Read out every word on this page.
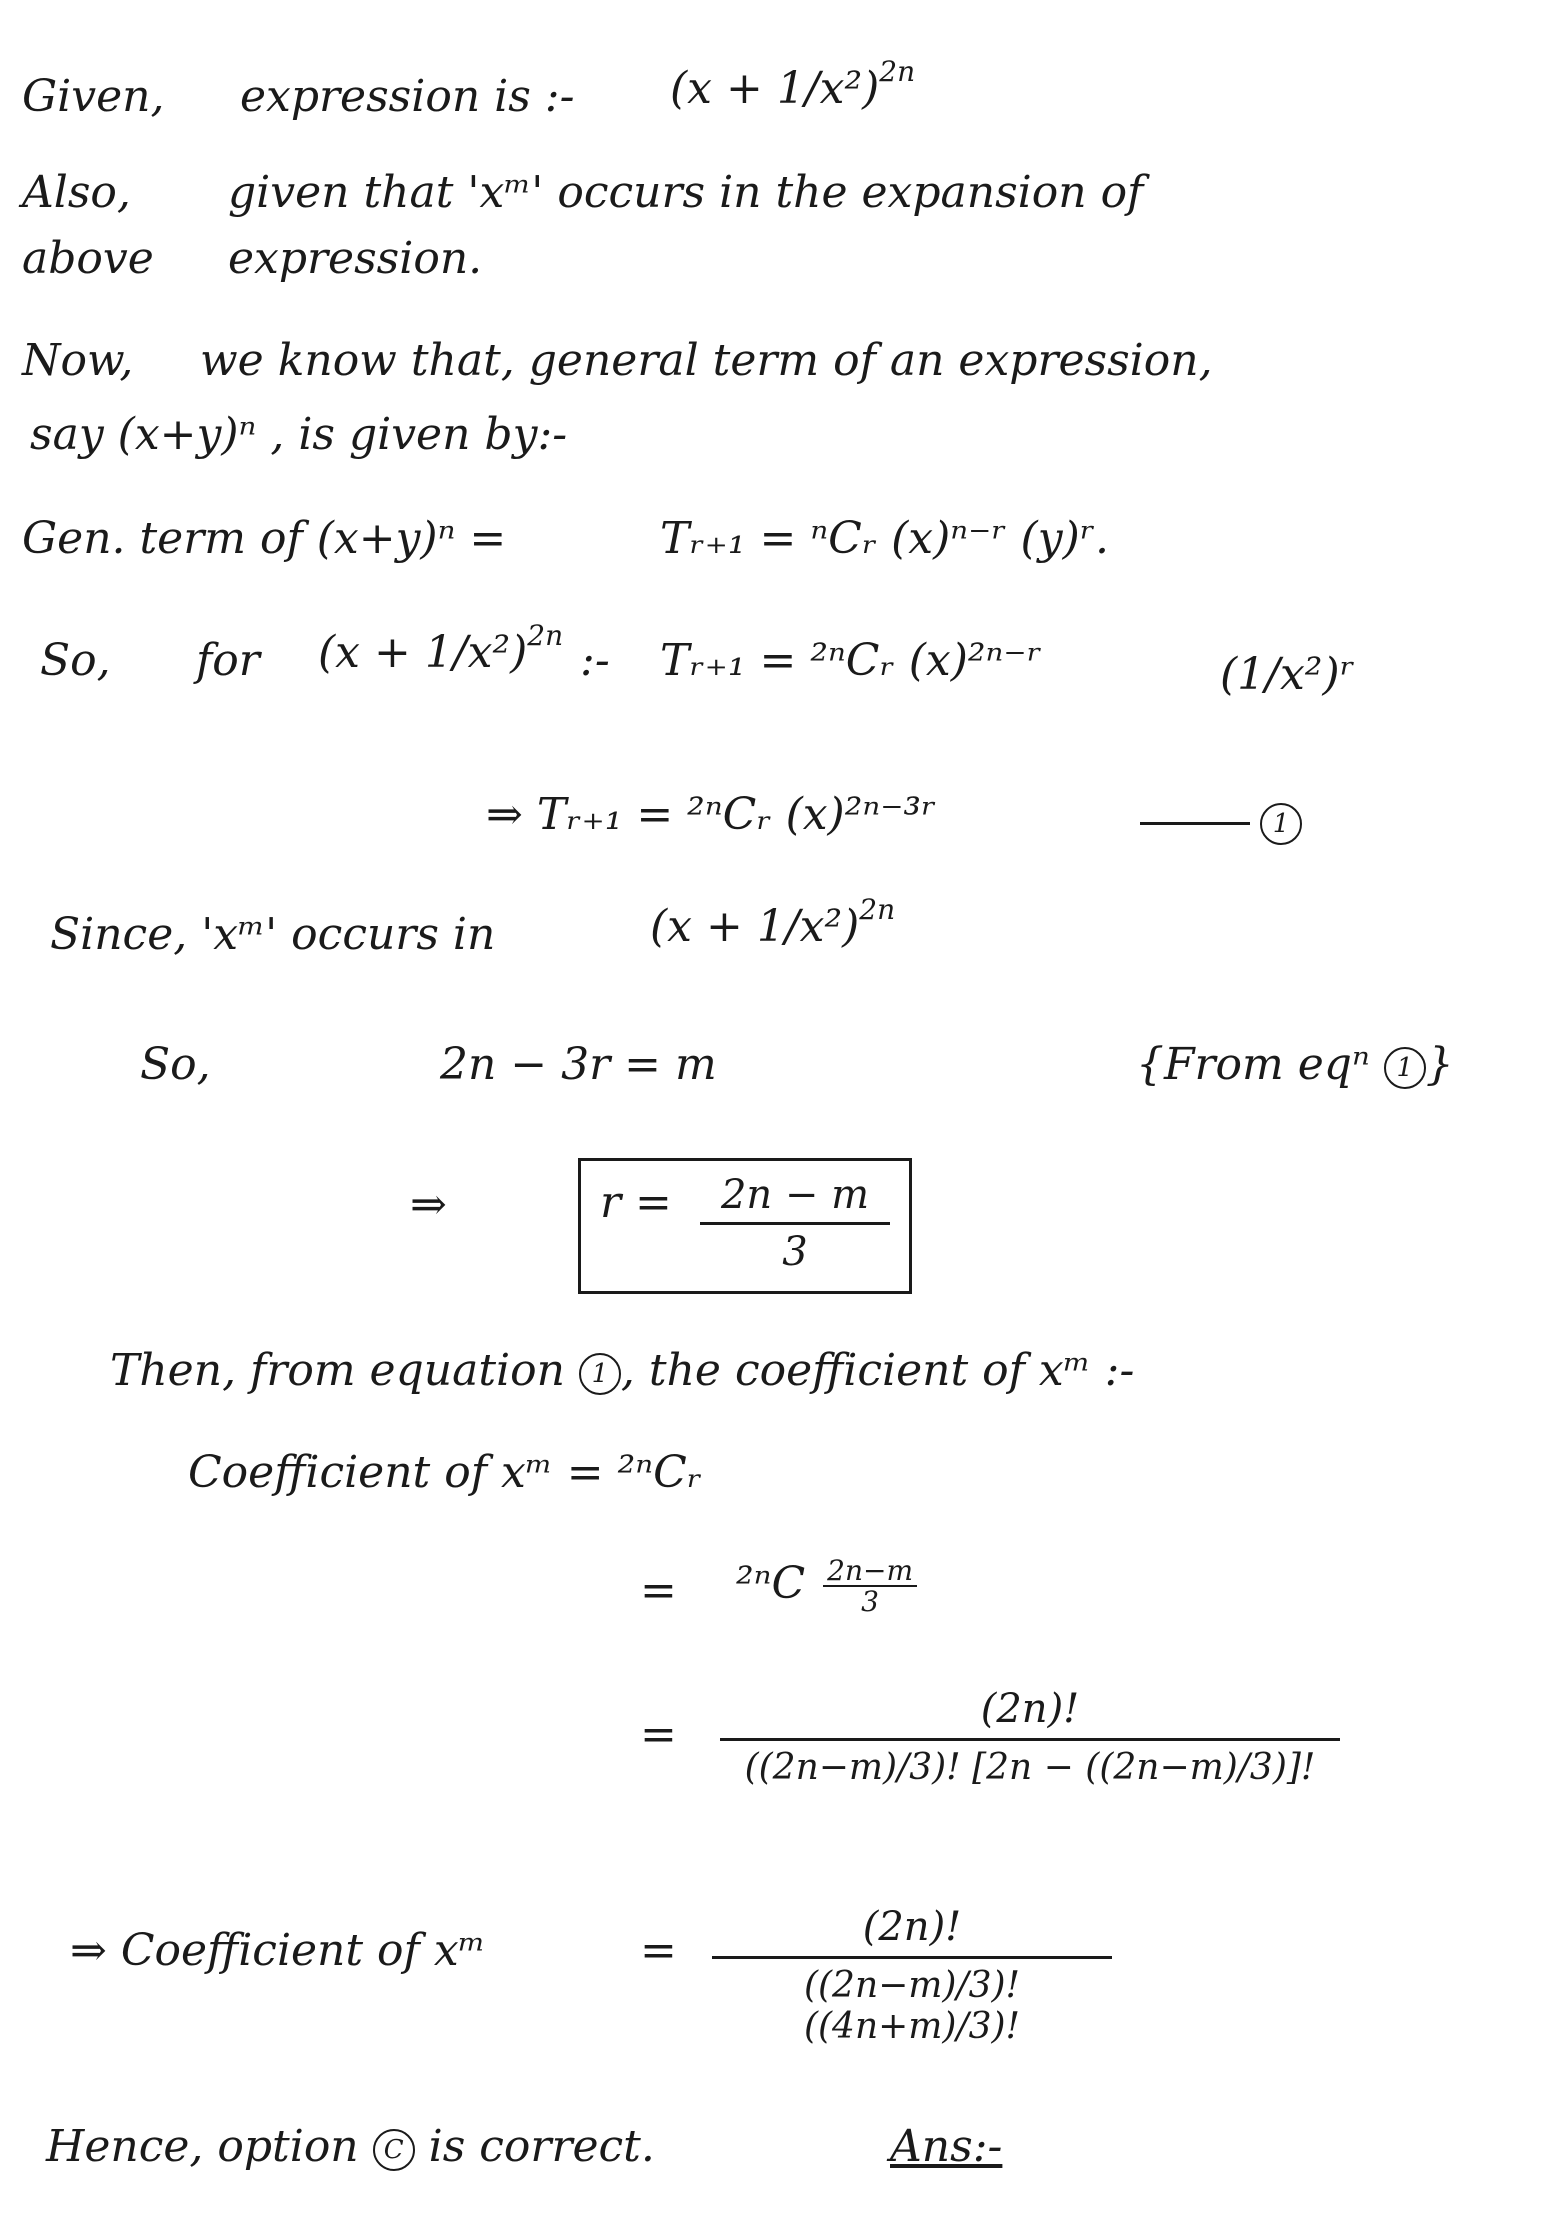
Given, expression is :- $(x + 1/x^2)^{2n}$
Also, given that 'xᵐ' occurs in the expansion of
above expression.
Now, we know that, general term of an expression,
say (x+y)ⁿ , is given by:-
Gen. term of (x+y)ⁿ =	Tᵣ₊₁ = ⁿCᵣ (x)ⁿ⁻ʳ (y)ʳ.
So, for $(x + 1/x^2)^{2n}$ :- Tᵣ₊₁ = ²ⁿCᵣ (x)²ⁿ⁻ʳ	(1/x²)ʳ
⇒ Tᵣ₊₁ = ²ⁿCᵣ (x)²ⁿ⁻³ʳ	1
Since, 'xᵐ' occurs in	$(x + 1/x^2)^{2n}$
So,	2n − 3r = m	{From eqⁿ 1 }
⇒	r =	2n − m
3
Then, from equation 1 , the coefficient of xᵐ :-
Coefficient of xᵐ = ²ⁿCᵣ
= $^{2n}C \frac{2n-m}{3}$
=	(2n)!
((2n−m)/3)! [2n − ((2n−m)/3)]!
⇒ Coefficient of xᵐ	=	(2n)!
((2n−m)/3)! ((4n+m)/3)!
Hence, option C is correct.	Ans:-
